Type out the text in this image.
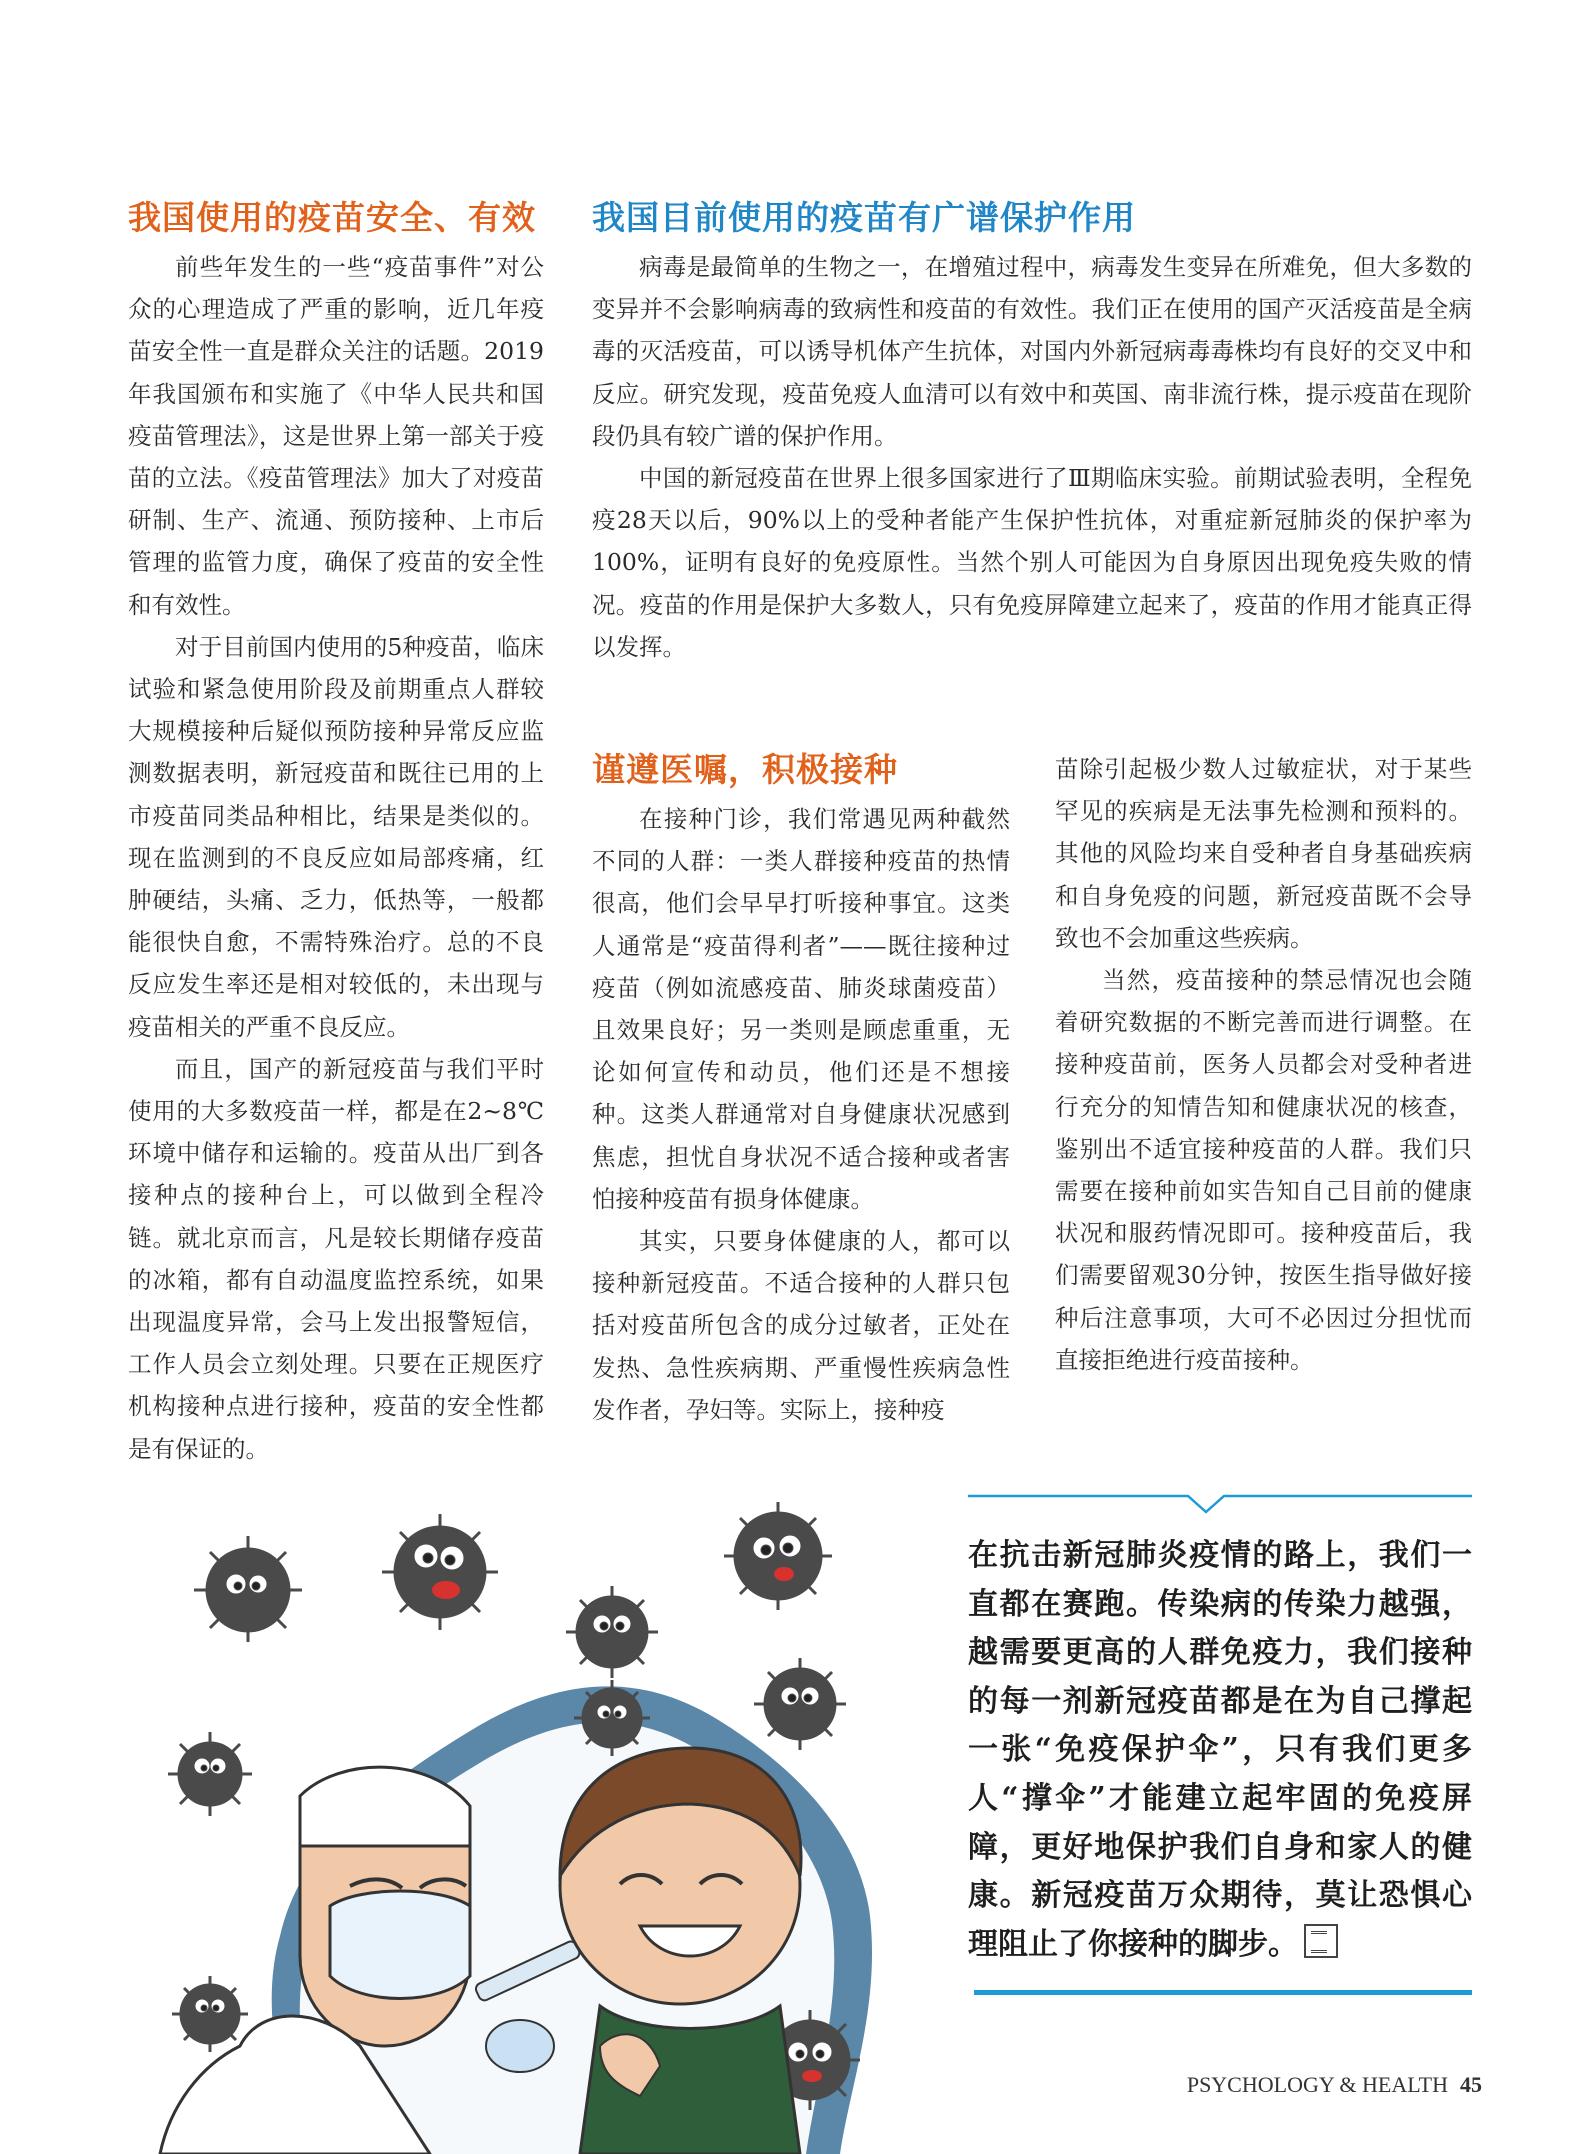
我国使用的疫苗安全、有效

前些年发生的一些“疫苗事件”对公众的心理造成了严重的影响，近几年疫苗安全性一直是群众关注的话题。2019年我国颁布和实施了《中华人民共和国疫苗管理法》，这是世界上第一部关于疫苗的立法。《疫苗管理法》加大了对疫苗研制、生产、流通、预防接种、上市后管理的监管力度，确保了疫苗的安全性和有效性。

对于目前国内使用的5种疫苗，临床试验和紧急使用阶段及前期重点人群较大规模接种后疑似预防接种异常反应监测数据表明，新冠疫苗和既往已用的上市疫苗同类品种相比，结果是类似的。现在监测到的不良反应如局部疼痛，红肿硬结，头痛、乏力，低热等，一般都能很快自愈，不需特殊治疗。总的不良反应发生率还是相对较低的，未出现与疫苗相关的严重不良反应。

而且，国产的新冠疫苗与我们平时使用的大多数疫苗一样，都是在2~8℃环境中储存和运输的。疫苗从出厂到各接种点的接种台上，可以做到全程冷链。就北京而言，凡是较长期储存疫苗的冰箱，都有自动温度监控系统，如果出现温度异常，会马上发出报警短信，工作人员会立刻处理。只要在正规医疗机构接种点进行接种，疫苗的安全性都是有保证的。

我国目前使用的疫苗有广谱保护作用

病毒是最简单的生物之一，在增殖过程中，病毒发生变异在所难免，但大多数的变异并不会影响病毒的致病性和疫苗的有效性。我们正在使用的国产灭活疫苗是全病毒的灭活疫苗，可以诱导机体产生抗体，对国内外新冠病毒毒株均有良好的交叉中和反应。研究发现，疫苗免疫人血清可以有效中和英国、南非流行株，提示疫苗在现阶段仍具有较广谱的保护作用。

中国的新冠疫苗在世界上很多国家进行了Ⅲ期临床实验。前期试验表明，全程免疫28天以后，90%以上的受种者能产生保护性抗体，对重症新冠肺炎的保护率为100%，证明有良好的免疫原性。当然个别人可能因为自身原因出现免疫失败的情况。疫苗的作用是保护大多数人，只有免疫屏障建立起来了，疫苗的作用才能真正得以发挥。

谨遵医嘱，积极接种

在接种门诊，我们常遇见两种截然不同的人群：一类人群接种疫苗的热情很高，他们会早早打听接种事宜。这类人通常是“疫苗得利者”——既往接种过疫苗（例如流感疫苗、肺炎球菌疫苗）且效果良好；另一类则是顾虑重重，无论如何宣传和动员，他们还是不想接种。这类人群通常对自身健康状况感到焦虑，担忧自身状况不适合接种或者害怕接种疫苗有损身体健康。

其实，只要身体健康的人，都可以接种新冠疫苗。不适合接种的人群只包括对疫苗所包含的成分过敏者，正处在发热、急性疾病期、严重慢性疾病急性发作者，孕妇等。实际上，接种疫

苗除引起极少数人过敏症状，对于某些罕见的疾病是无法事先检测和预料的。其他的风险均来自受种者自身基础疾病和自身免疫的问题，新冠疫苗既不会导致也不会加重这些疾病。

当然，疫苗接种的禁忌情况也会随着研究数据的不断完善而进行调整。在接种疫苗前，医务人员都会对受种者进行充分的知情告知和健康状况的核查，鉴别出不适宜接种疫苗的人群。我们只需要在接种前如实告知自己目前的健康状况和服药情况即可。接种疫苗后，我们需要留观30分钟，按医生指导做好接种后注意事项，大可不必因过分担忧而直接拒绝进行疫苗接种。

在抗击新冠肺炎疫情的路上，我们一直都在赛跑。传染病的传染力越强，越需要更高的人群免疫力，我们接种的每一剂新冠疫苗都是在为自己撑起一张“免疫保护伞”，只有我们更多人“撑伞”才能建立起牢固的免疫屏障，更好地保护我们自身和家人的健康。新冠疫苗万众期待，莫让恐惧心理阻止了你接种的脚步。

PSYCHOLOGY & HEALTH 45
